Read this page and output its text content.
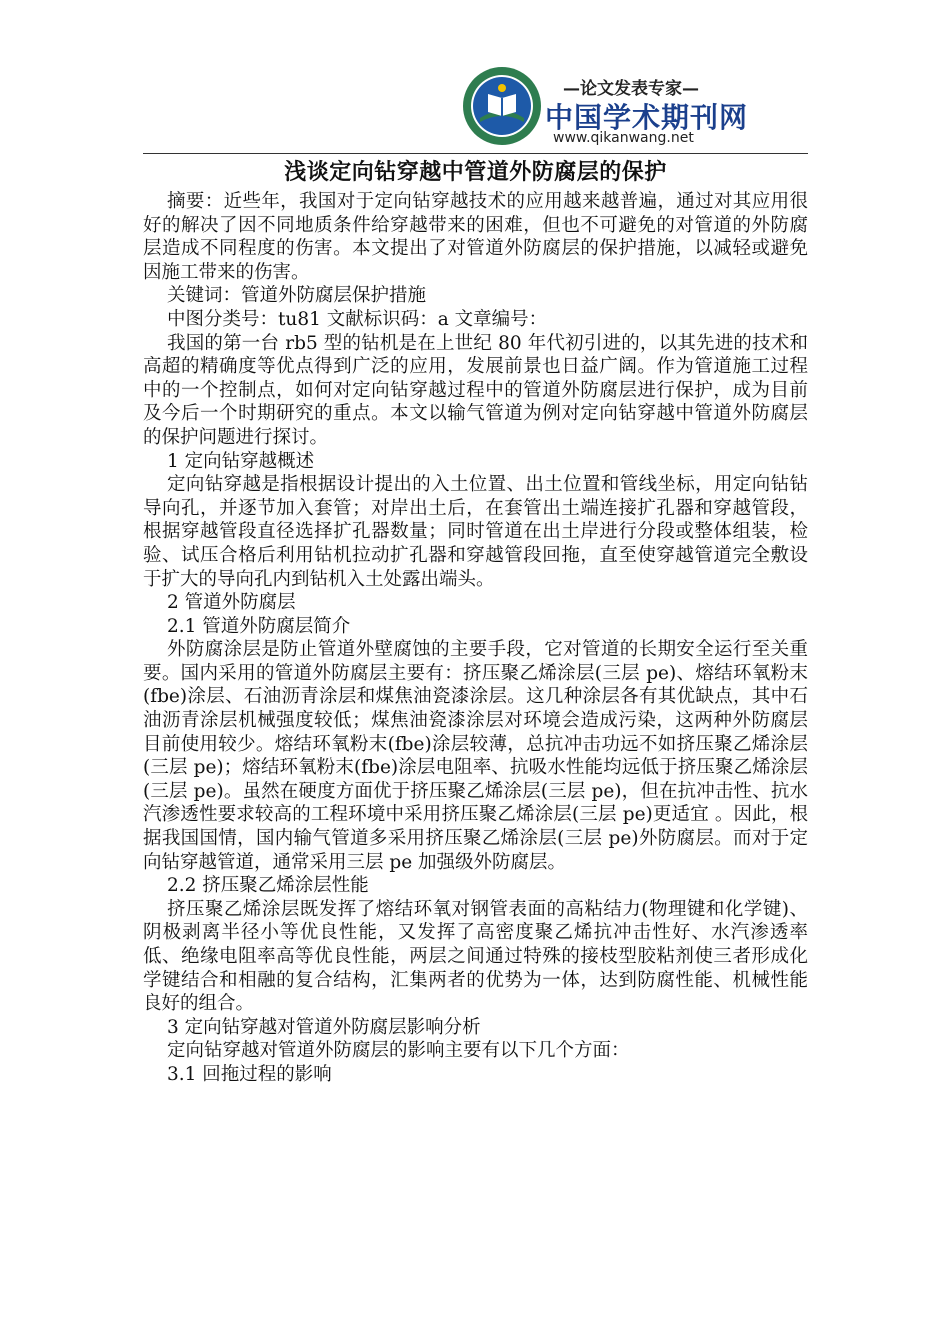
—论文发表专家—
中国学术期刊网
www.qikanwang.net
浅谈定向钻穿越中管道外防腐层的保护

摘要：近些年，我国对于定向钻穿越技术的应用越来越普遍，通过对其应用很好的解决了因不同地质条件给穿越带来的困难，但也不可避免的对管道的外防腐层造成不同程度的伤害。本文提出了对管道外防腐层的保护措施，以减轻或避免因施工带来的伤害。

关键词：管道外防腐层保护措施

中图分类号：tu81 文献标识码：a 文章编号：

我国的第一台 rb5 型的钻机是在上世纪 80 年代初引进的，以其先进的技术和高超的精确度等优点得到广泛的应用，发展前景也日益广阔。作为管道施工过程中的一个控制点，如何对定向钻穿越过程中的管道外防腐层进行保护，成为目前及今后一个时期研究的重点。本文以输气管道为例对定向钻穿越中管道外防腐层的保护问题进行探讨。

1 定向钻穿越概述

定向钻穿越是指根据设计提出的入土位置、出土位置和管线坐标，用定向钻钻导向孔，并逐节加入套管；对岸出土后，在套管出土端连接扩孔器和穿越管段，根据穿越管段直径选择扩孔器数量；同时管道在出土岸进行分段或整体组装，检验、试压合格后利用钻机拉动扩孔器和穿越管段回拖，直至使穿越管道完全敷设于扩大的导向孔内到钻机入土处露出端头。

2 管道外防腐层

2.1 管道外防腐层简介

外防腐涂层是防止管道外壁腐蚀的主要手段，它对管道的长期安全运行至关重要。国内采用的管道外防腐层主要有：挤压聚乙烯涂层(三层 pe)、熔结环氧粉末(fbe)涂层、石油沥青涂层和煤焦油瓷漆涂层。这几种涂层各有其优缺点，其中石油沥青涂层机械强度较低；煤焦油瓷漆涂层对环境会造成污染，这两种外防腐层目前使用较少。熔结环氧粉末(fbe)涂层较薄，总抗冲击功远不如挤压聚乙烯涂层(三层 pe)；熔结环氧粉末(fbe)涂层电阻率、抗吸水性能均远低于挤压聚乙烯涂层(三层 pe)。虽然在硬度方面优于挤压聚乙烯涂层(三层 pe)，但在抗冲击性、抗水汽渗透性要求较高的工程环境中采用挤压聚乙烯涂层(三层 pe)更适宜 。因此，根据我国国情，国内输气管道多采用挤压聚乙烯涂层(三层 pe)外防腐层。而对于定向钻穿越管道，通常采用三层 pe 加强级外防腐层。

2.2 挤压聚乙烯涂层性能

挤压聚乙烯涂层既发挥了熔结环氧对钢管表面的高粘结力(物理键和化学键)、阴极剥离半径小等优良性能，又发挥了高密度聚乙烯抗冲击性好、水汽渗透率低、绝缘电阻率高等优良性能，两层之间通过特殊的接枝型胶粘剂使三者形成化学键结合和相融的复合结构，汇集两者的优势为一体，达到防腐性能、机械性能良好的组合。

3 定向钻穿越对管道外防腐层影响分析

定向钻穿越对管道外防腐层的影响主要有以下几个方面：

3.1 回拖过程的影响
